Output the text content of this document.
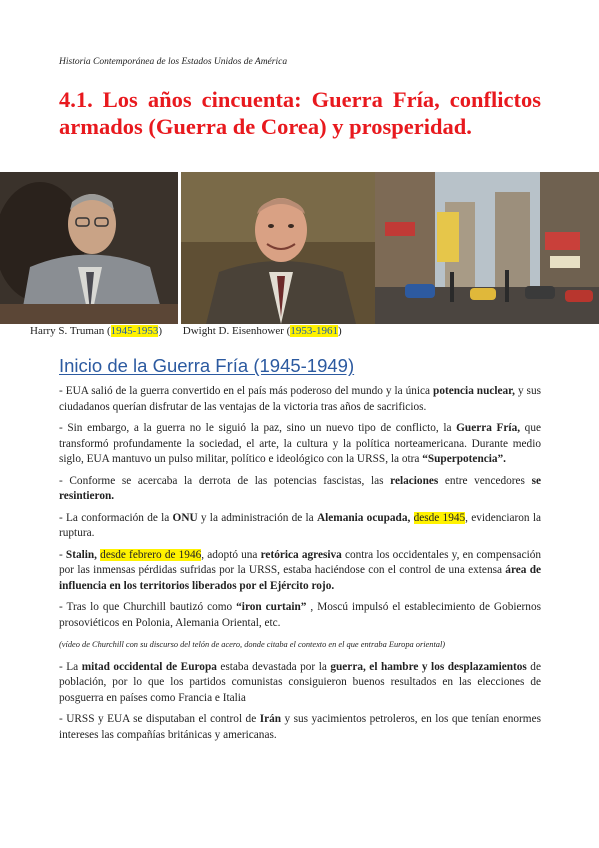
Historia Contemporánea de los Estados Unidos de América
4.1. Los años cincuenta: Guerra Fría, conflictos armados (Guerra de Corea) y prosperidad.
Harry S. Truman (1945-1953) Dwight D. Eisenhower (1953-1961)
Inicio de la Guerra Fría (1945-1949)

- EUA salió de la guerra convertido en el país más poderoso del mundo y la única potencia nuclear, y sus ciudadanos querían disfrutar de las ventajas de la victoria tras años de sacrificios.

- Sin embargo, a la guerra no le siguió la paz, sino un nuevo tipo de conflicto, la Guerra Fría, que transformó profundamente la sociedad, el arte, la cultura y la política norteamericana. Durante medio siglo, EUA mantuvo un pulso militar, político e ideológico con la URSS, la otra “Superpotencia”.

- Conforme se acercaba la derrota de las potencias fascistas, las relaciones entre vencedores se resintieron.

- La conformación de la ONU y la administración de la Alemania ocupada, desde 1945, evidenciaron la ruptura.

- Stalin, desde febrero de 1946, adoptó una retórica agresiva contra los occidentales y, en compensación por las inmensas pérdidas sufridas por la URSS, estaba haciéndose con el control de una extensa área de influencia en los territorios liberados por el Ejército rojo.

- Tras lo que Churchill bautizó como “iron curtain” , Moscú impulsó el establecimiento de Gobiernos prosoviéticos en Polonia, Alemania Oriental, etc.

(vídeo de Churchill con su discurso del telón de acero, donde citaba el contexto en el que entraba Europa oriental)

- La mitad occidental de Europa estaba devastada por la guerra, el hambre y los desplazamientos de población, por lo que los partidos comunistas consiguieron buenos resultados en las elecciones de posguerra en países como Francia e Italia

- URSS y EUA se disputaban el control de Irán y sus yacimientos petroleros, en los que tenían enormes intereses las compañías británicas y americanas.
